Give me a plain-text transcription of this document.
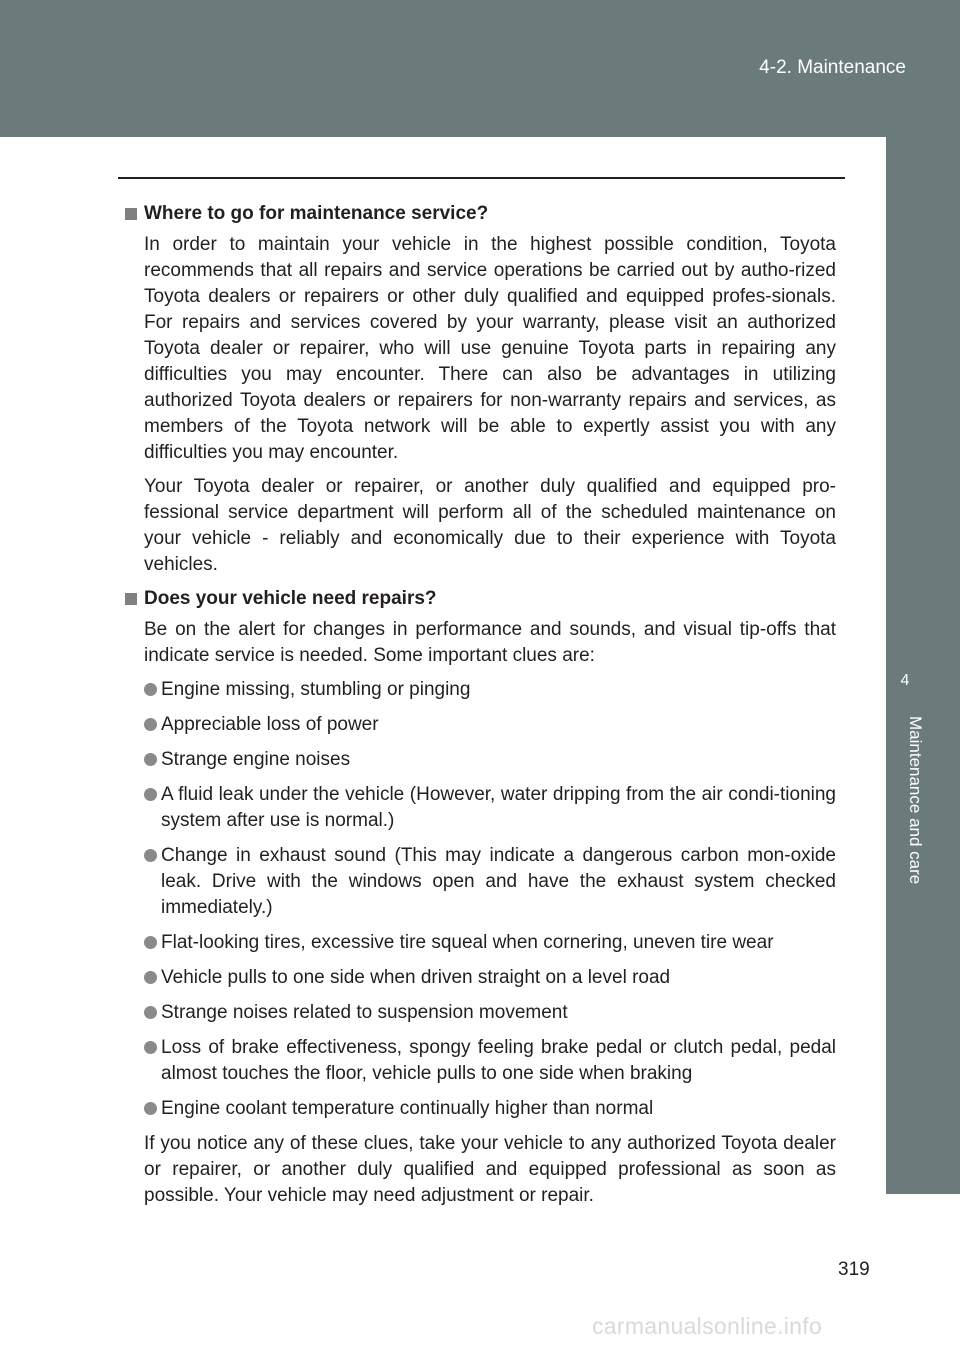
4-2. Maintenance
4
Maintenance and care
Where to go for maintenance service?
In order to maintain your vehicle in the highest possible condition, Toyota recommends that all repairs and service operations be carried out by autho-rized Toyota dealers or repairers or other duly qualified and equipped profes-sionals. For repairs and services covered by your warranty, please visit an authorized Toyota dealer or repairer, who will use genuine Toyota parts in repairing any difficulties you may encounter. There can also be advantages in utilizing authorized Toyota dealers or repairers for non-warranty repairs and services, as members of the Toyota network will be able to expertly assist you with any difficulties you may encounter.
Your Toyota dealer or repairer, or another duly qualified and equipped pro-fessional service department will perform all of the scheduled maintenance on your vehicle - reliably and economically due to their experience with Toyota vehicles.
Does your vehicle need repairs?
Be on the alert for changes in performance and sounds, and visual tip-offs that indicate service is needed. Some important clues are:
Engine missing, stumbling or pinging
Appreciable loss of power
Strange engine noises
A fluid leak under the vehicle (However, water dripping from the air condi-tioning system after use is normal.)
Change in exhaust sound (This may indicate a dangerous carbon mon-oxide leak. Drive with the windows open and have the exhaust system checked immediately.)
Flat-looking tires, excessive tire squeal when cornering, uneven tire wear
Vehicle pulls to one side when driven straight on a level road
Strange noises related to suspension movement
Loss of brake effectiveness, spongy feeling brake pedal or clutch pedal, pedal almost touches the floor, vehicle pulls to one side when braking
Engine coolant temperature continually higher than normal
If you notice any of these clues, take your vehicle to any authorized Toyota dealer or repairer, or another duly qualified and equipped professional as soon as possible. Your vehicle may need adjustment or repair.
319
carmanualsonline.info
